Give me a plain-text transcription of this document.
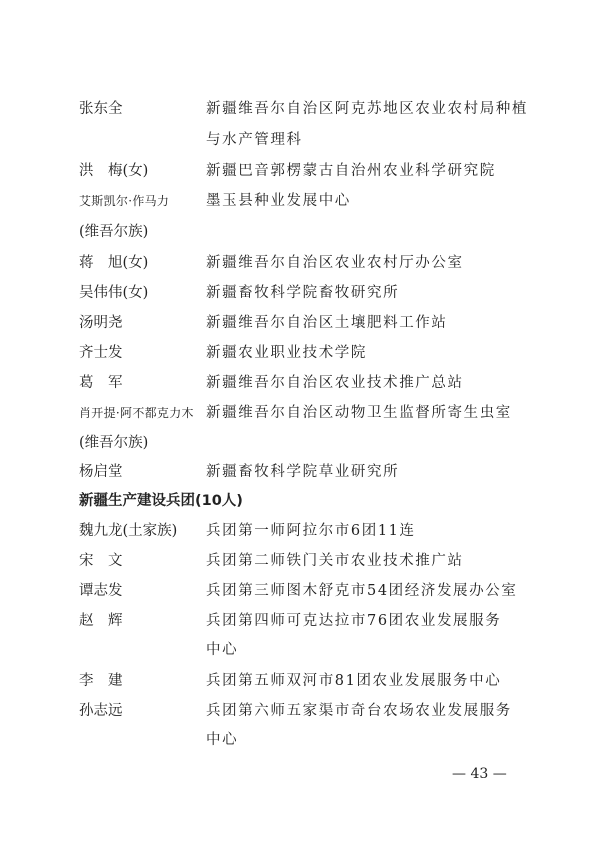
张东全	新疆维吾尔自治区阿克苏地区农业农村局种植
与水产管理科
洪　梅(女)	新疆巴音郭楞蒙古自治州农业科学研究院
艾斯凯尔·作马力	墨玉县种业发展中心
(维吾尔族)
蒋　旭(女)	新疆维吾尔自治区农业农村厅办公室
吴伟伟(女)	新疆畜牧科学院畜牧研究所
汤明尧	新疆维吾尔自治区土壤肥料工作站
齐士发	新疆农业职业技术学院
葛　军	新疆维吾尔自治区农业技术推广总站
肖开提·阿不都克力木 新疆维吾尔自治区动物卫生监督所寄生虫室
(维吾尔族)
杨启堂	新疆畜牧科学院草业研究所
新疆生产建设兵团(10人)
魏九龙(土家族) 兵团第一师阿拉尔市6团11连
宋　文	兵团第二师铁门关市农业技术推广站
谭志发	兵团第三师图木舒克市54团经济发展办公室
赵　辉	兵团第四师可克达拉市76团农业发展服务
中心
李　建	兵团第五师双河市81团农业发展服务中心
孙志远	兵团第六师五家渠市奇台农场农业发展服务
中心
— 43 —
